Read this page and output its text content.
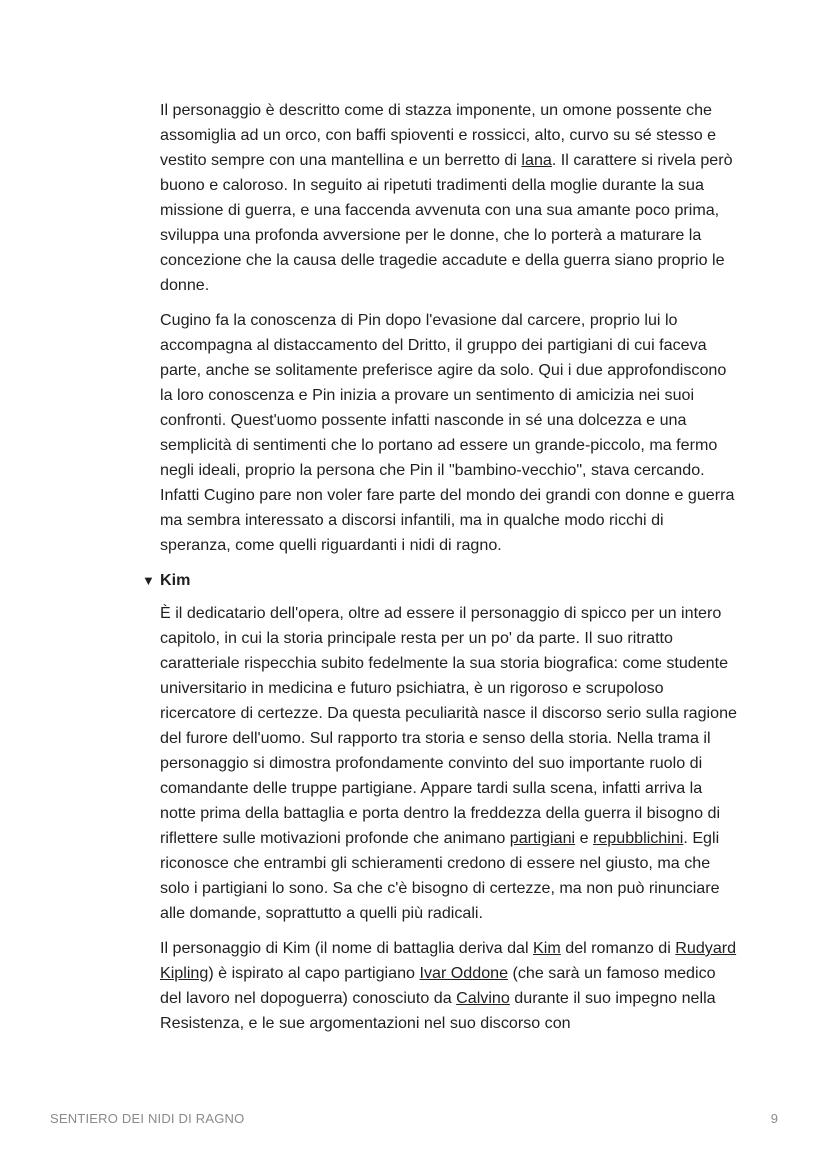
Il personaggio è descritto come di stazza imponente, un omone possente che assomiglia ad un orco, con baffi spioventi e rossicci, alto, curvo su sé stesso e vestito sempre con una mantellina e un berretto di lana. Il carattere si rivela però buono e caloroso. In seguito ai ripetuti tradimenti della moglie durante la sua missione di guerra, e una faccenda avvenuta con una sua amante poco prima, sviluppa una profonda avversione per le donne, che lo porterà a maturare la concezione che la causa delle tragedie accadute e della guerra siano proprio le donne.

Cugino fa la conoscenza di Pin dopo l'evasione dal carcere, proprio lui lo accompagna al distaccamento del Dritto, il gruppo dei partigiani di cui faceva parte, anche se solitamente preferisce agire da solo. Qui i due approfondiscono la loro conoscenza e Pin inizia a provare un sentimento di amicizia nei suoi confronti. Quest'uomo possente infatti nasconde in sé una dolcezza e una semplicità di sentimenti che lo portano ad essere un grande-piccolo, ma fermo negli ideali, proprio la persona che Pin il "bambino-vecchio", stava cercando. Infatti Cugino pare non voler fare parte del mondo dei grandi con donne e guerra ma sembra interessato a discorsi infantili, ma in qualche modo ricchi di speranza, come quelli riguardanti i nidi di ragno.

▼ Kim

È il dedicatario dell'opera, oltre ad essere il personaggio di spicco per un intero capitolo, in cui la storia principale resta per un po' da parte. Il suo ritratto caratteriale rispecchia subito fedelmente la sua storia biografica: come studente universitario in medicina e futuro psichiatra, è un rigoroso e scrupoloso ricercatore di certezze. Da questa peculiarità nasce il discorso serio sulla ragione del furore dell'uomo. Sul rapporto tra storia e senso della storia. Nella trama il personaggio si dimostra profondamente convinto del suo importante ruolo di comandante delle truppe partigiane. Appare tardi sulla scena, infatti arriva la notte prima della battaglia e porta dentro la freddezza della guerra il bisogno di riflettere sulle motivazioni profonde che animano partigiani e repubblichini. Egli riconosce che entrambi gli schieramenti credono di essere nel giusto, ma che solo i partigiani lo sono. Sa che c'è bisogno di certezze, ma non può rinunciare alle domande, soprattutto a quelli più radicali.

Il personaggio di Kim (il nome di battaglia deriva dal Kim del romanzo di Rudyard Kipling) è ispirato al capo partigiano Ivar Oddone (che sarà un famoso medico del lavoro nel dopoguerra) conosciuto da Calvino durante il suo impegno nella Resistenza, e le sue argomentazioni nel suo discorso con

SENTIERO DEI NIDI DI RAGNO	9
